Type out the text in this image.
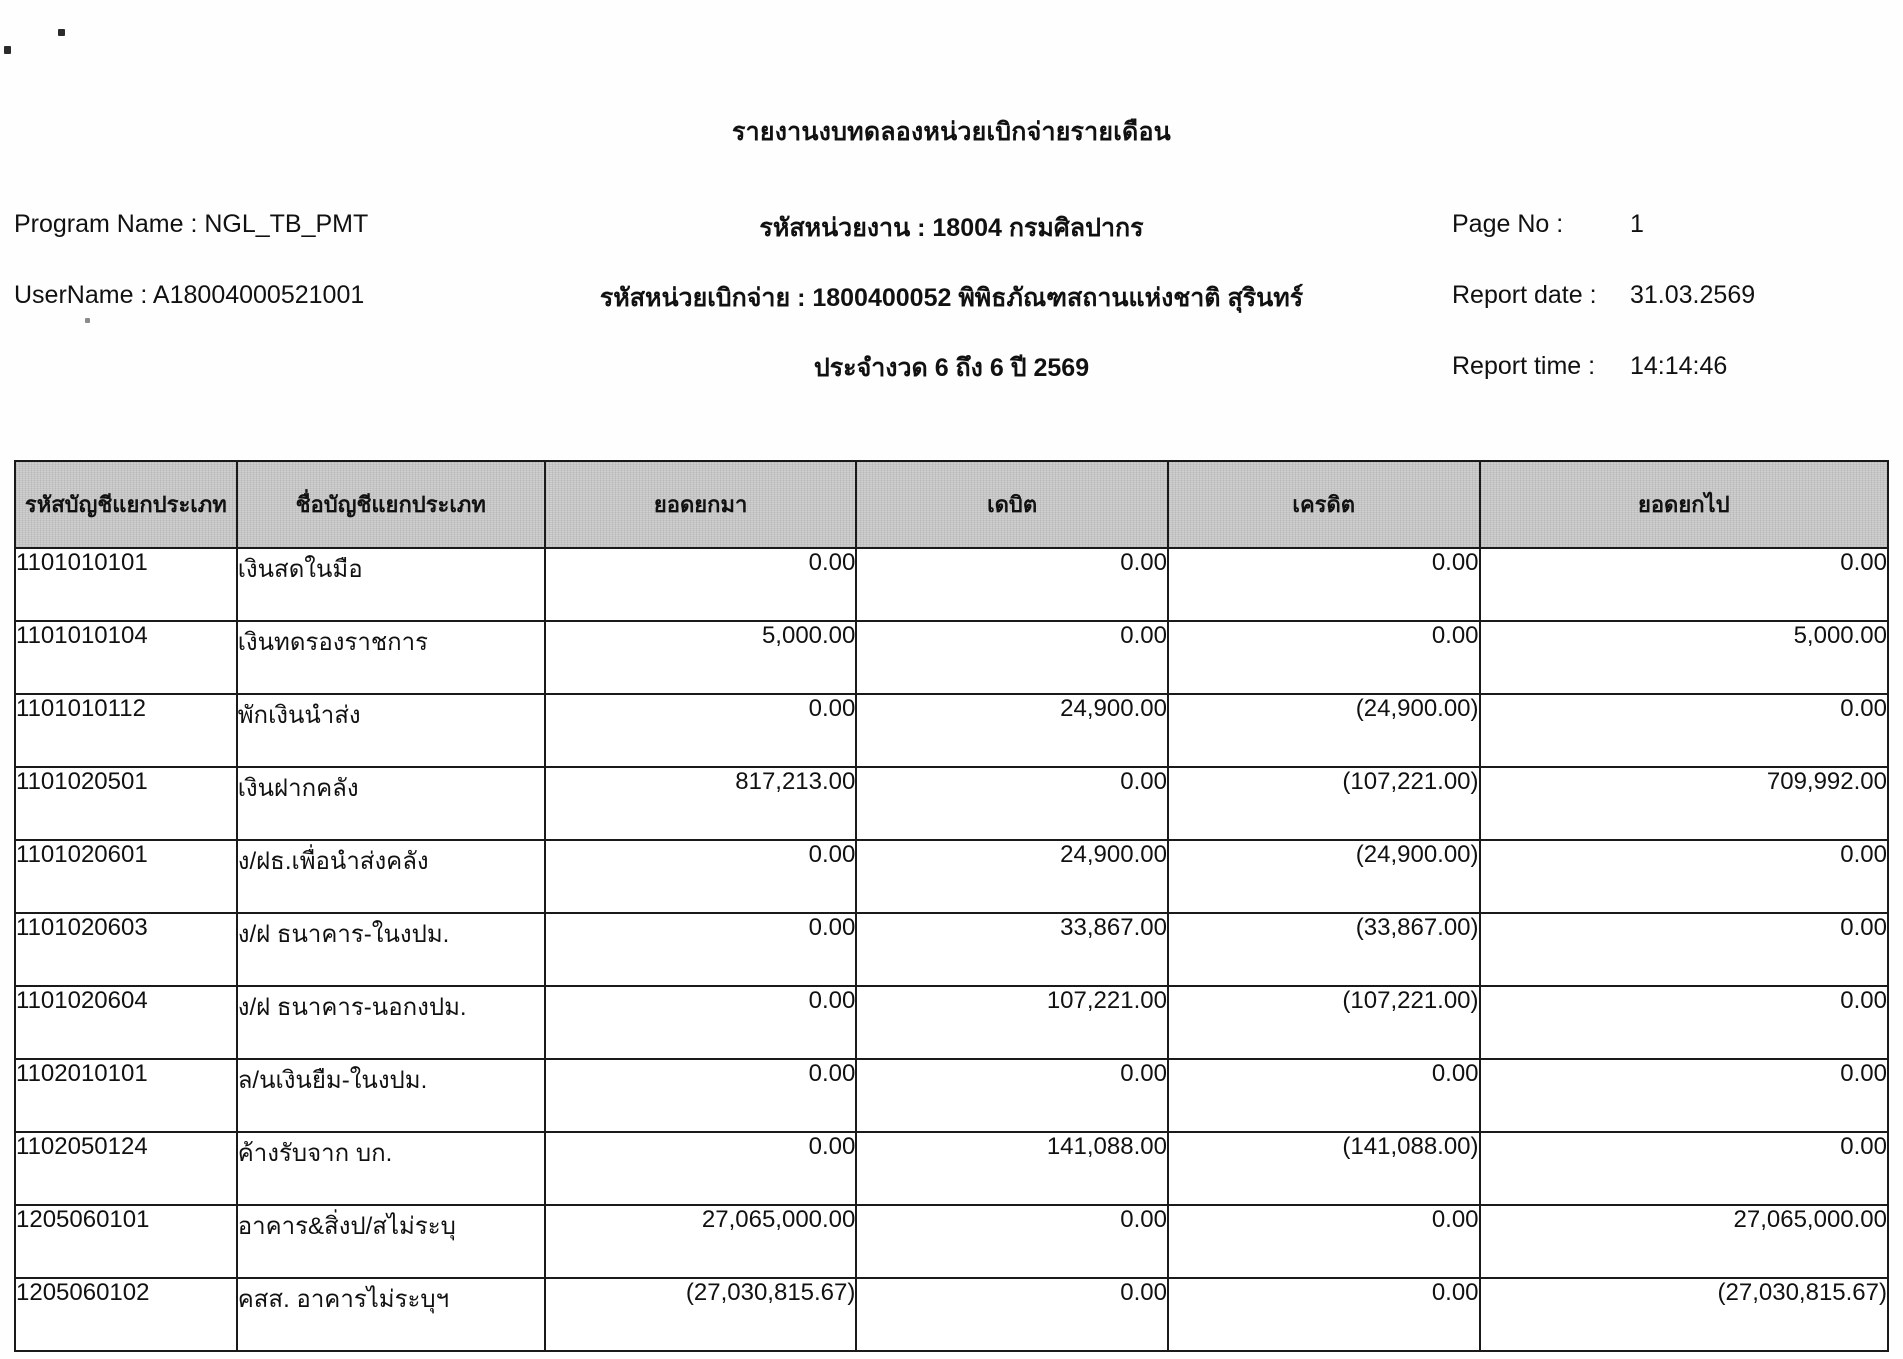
รายงานงบทดลองหน่วยเบิกจ่ายรายเดือน
Program Name : NGL_TB_PMT
UserName : A18004000521001
รหัสหน่วยงาน : 18004 กรมศิลปากร
รหัสหน่วยเบิกจ่าย : 1800400052 พิพิธภัณฑสถานแห่งชาติ สุรินทร์
ประจำงวด 6 ถึง 6 ปี 2569
Page No :	1
Report date : 31.03.2569
Report time : 14:14:46
รหัสบัญชีแยกประเภท	ชื่อบัญชีแยกประเภท	ยอดยกมา	เดบิต	เครดิต	ยอดยกไป
1101010101	เงินสดในมือ	0.00	0.00	0.00	0.00
1101010104	เงินทดรองราชการ	5,000.00	0.00	0.00	5,000.00
1101010112	พักเงินนำส่ง	0.00	24,900.00	(24,900.00)	0.00
1101020501	เงินฝากคลัง	817,213.00	0.00	(107,221.00)	709,992.00
1101020601	ง/ฝธ.เพื่อนำส่งคลัง	0.00	24,900.00	(24,900.00)	0.00
1101020603	ง/ฝ ธนาคาร-ในงปม.	0.00	33,867.00	(33,867.00)	0.00
1101020604	ง/ฝ ธนาคาร-นอกงปม.	0.00	107,221.00	(107,221.00)	0.00
1102010101	ล/นเงินยืม-ในงปม.	0.00	0.00	0.00	0.00
1102050124	ค้างรับจาก บก.	0.00	141,088.00	(141,088.00)	0.00
1205060101	อาคาร&สิ่งป/สไม่ระบุ	27,065,000.00	0.00	0.00	27,065,000.00
1205060102	คสส. อาคารไม่ระบุฯ	(27,030,815.67)	0.00	0.00	(27,030,815.67)
